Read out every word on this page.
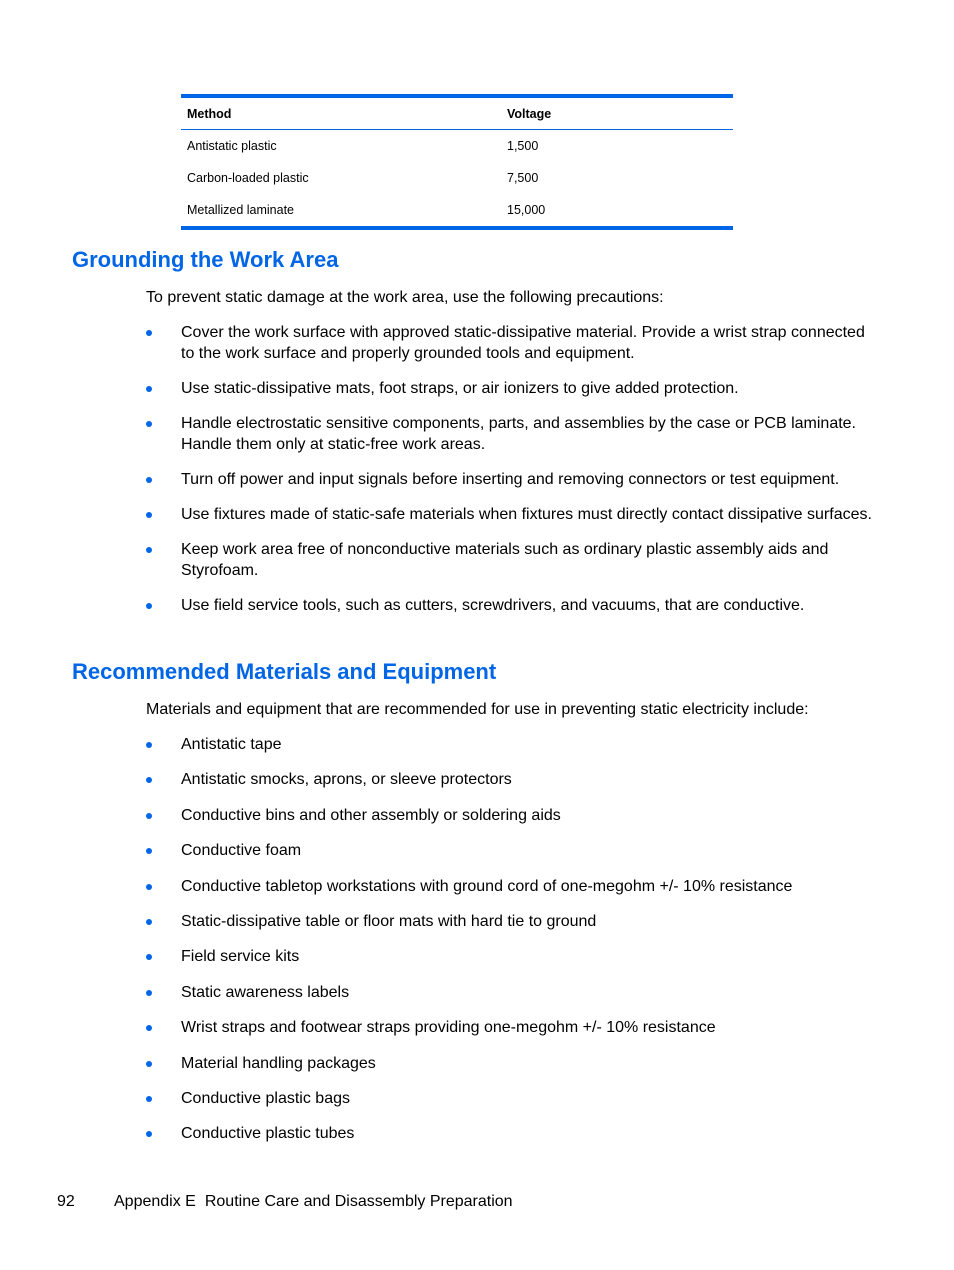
Method	Voltage
Antistatic plastic	1,500
Carbon-loaded plastic	7,500
Metallized laminate	15,000
Grounding the Work Area

To prevent static damage at the work area, use the following precautions:

Cover the work surface with approved static-dissipative material. Provide a wrist strap connected to the work surface and properly grounded tools and equipment.
Use static-dissipative mats, foot straps, or air ionizers to give added protection.
Handle electrostatic sensitive components, parts, and assemblies by the case or PCB laminate. Handle them only at static-free work areas.
Turn off power and input signals before inserting and removing connectors or test equipment.
Use fixtures made of static-safe materials when fixtures must directly contact dissipative surfaces.
Keep work area free of nonconductive materials such as ordinary plastic assembly aids and Styrofoam.
Use field service tools, such as cutters, screwdrivers, and vacuums, that are conductive.
Recommended Materials and Equipment

Materials and equipment that are recommended for use in preventing static electricity include:

Antistatic tape
Antistatic smocks, aprons, or sleeve protectors
Conductive bins and other assembly or soldering aids
Conductive foam
Conductive tabletop workstations with ground cord of one-megohm +/- 10% resistance
Static-dissipative table or floor mats with hard tie to ground
Field service kits
Static awareness labels
Wrist straps and footwear straps providing one-megohm +/- 10% resistance
Material handling packages
Conductive plastic bags
Conductive plastic tubes
92 Appendix E Routine Care and Disassembly Preparation
